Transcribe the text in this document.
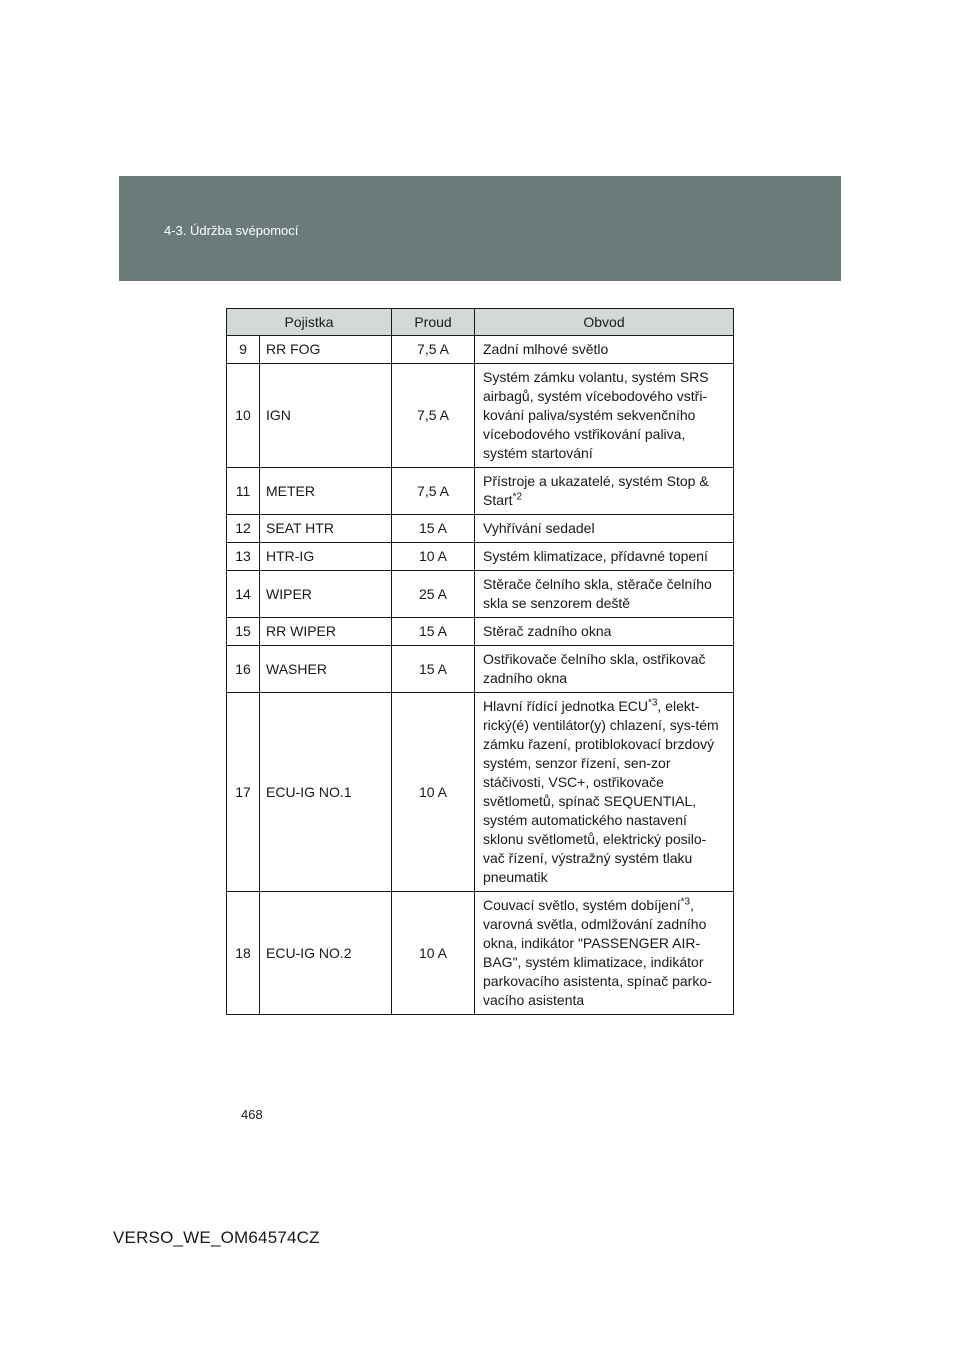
4-3. Údržba svépomocí
Pojistka		Proud	Obvod
9	RR FOG	7,5 A	Zadní mlhové světlo
10	IGN	7,5 A	Systém zámku volantu, systém SRS airbagů, systém vícebodového vstři-kování paliva/systém sekvenčního vícebodového vstřikování paliva, systém startování
11	METER	7,5 A	Přístroje a ukazatelé, systém Stop & Start$^{*2}$
12	SEAT HTR	15 A	Vyhřívání sedadel
13	HTR-IG	10 A	Systém klimatizace, přídavné topení
14	WIPER	25 A	Stěrače čelního skla, stěrače čelního skla se senzorem deště
15	RR WIPER	15 A	Stěrač zadního okna
16	WASHER	15 A	Ostřikovače čelního skla, ostřikovač zadního okna
17	ECU-IG NO.1	10 A	Hlavní řídící jednotka ECU$^{*3}$, elekt-rický(é) ventilátor(y) chlazení, sys-tém zámku řazení, protiblokovací brzdový systém, senzor řízení, sen-zor stáčivosti, VSC+, ostřikovače světlometů, spínač SEQUENTIAL, systém automatického nastavení sklonu světlometů, elektrický posilo-vač řízení, výstražný systém tlaku pneumatik
18	ECU-IG NO.2	10 A	Couvací světlo, systém dobíjení$^{*3}$, varovná světla, odmlžování zadního okna, indikátor "PASSENGER AIR-BAG", systém klimatizace, indikátor parkovacího asistenta, spínač parko-vacího asistenta
468
VERSO_WE_OM64574CZ
